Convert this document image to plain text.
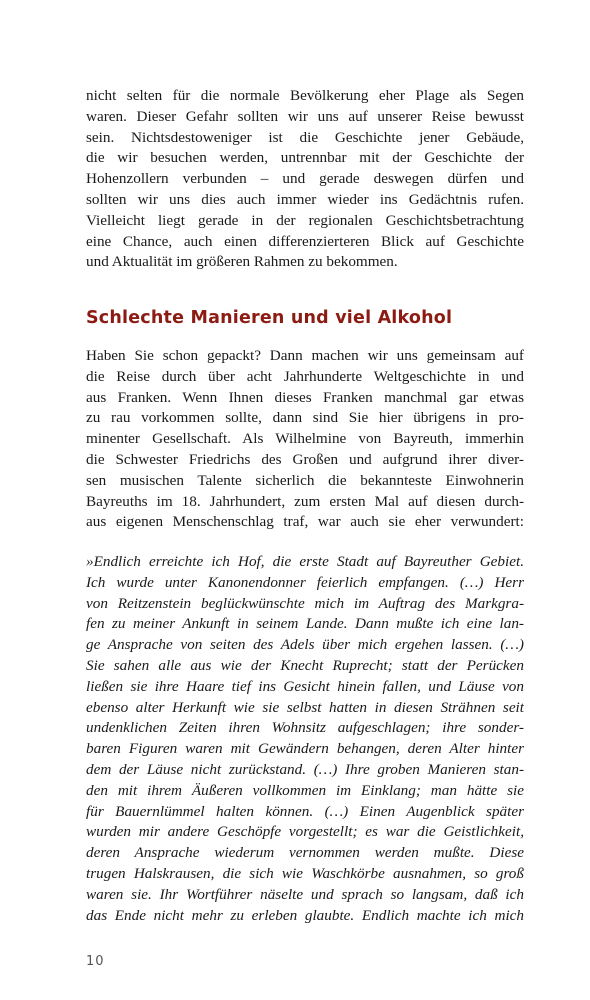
nicht selten für die normale Bevölkerung eher Plage als Segen
waren. Dieser Gefahr sollten wir uns auf unserer Reise bewusst
sein. Nichtsdestoweniger ist die Geschichte jener Gebäude,
die wir besuchen werden, untrennbar mit der Geschichte der
Hohenzollern verbunden – und gerade deswegen dürfen und
sollten wir uns dies auch immer wieder ins Gedächtnis rufen.
Vielleicht liegt gerade in der regionalen Geschichtsbetrachtung
eine Chance, auch einen differenzierteren Blick auf Geschichte
und Aktualität im größeren Rahmen zu bekommen.
Schlechte Manieren und viel Alkohol
Haben Sie schon gepackt? Dann machen wir uns gemeinsam auf
die Reise durch über acht Jahrhunderte Weltgeschichte in und
aus Franken. Wenn Ihnen dieses Franken manchmal gar etwas
zu rau vorkommen sollte, dann sind Sie hier übrigens in pro-
minenter Gesellschaft. Als Wilhelmine von Bayreuth, immerhin
die Schwester Friedrichs des Großen und aufgrund ihrer diver-
sen musischen Talente sicherlich die bekannteste Einwohnerin
Bayreuths im 18. Jahrhundert, zum ersten Mal auf diesen durch-
aus eigenen Menschenschlag traf, war auch sie eher verwundert:
»Endlich erreichte ich Hof, die erste Stadt auf Bayreuther Gebiet.
Ich wurde unter Kanonendonner feierlich empfangen. (…) Herr
von Reitzenstein beglückwünschte mich im Auftrag des Markgra-
fen zu meiner Ankunft in seinem Lande. Dann mußte ich eine lan-
ge Ansprache von seiten des Adels über mich ergehen lassen. (…)
Sie sahen alle aus wie der Knecht Ruprecht; statt der Perücken
ließen sie ihre Haare tief ins Gesicht hinein fallen, und Läuse von
ebenso alter Herkunft wie sie selbst hatten in diesen Strähnen seit
undenklichen Zeiten ihren Wohnsitz aufgeschlagen; ihre sonder-
baren Figuren waren mit Gewändern behangen, deren Alter hinter
dem der Läuse nicht zurückstand. (…) Ihre groben Manieren stan-
den mit ihrem Äußeren vollkommen im Einklang; man hätte sie
für Bauernlümmel halten können. (…) Einen Augenblick später
wurden mir andere Geschöpfe vorgestellt; es war die Geistlichkeit,
deren Ansprache wiederum vernommen werden mußte. Diese
trugen Halskrausen, die sich wie Waschkörbe ausnahmen, so groß
waren sie. Ihr Wortführer näselte und sprach so langsam, daß ich
das Ende nicht mehr zu erleben glaubte. Endlich machte ich mich
10
